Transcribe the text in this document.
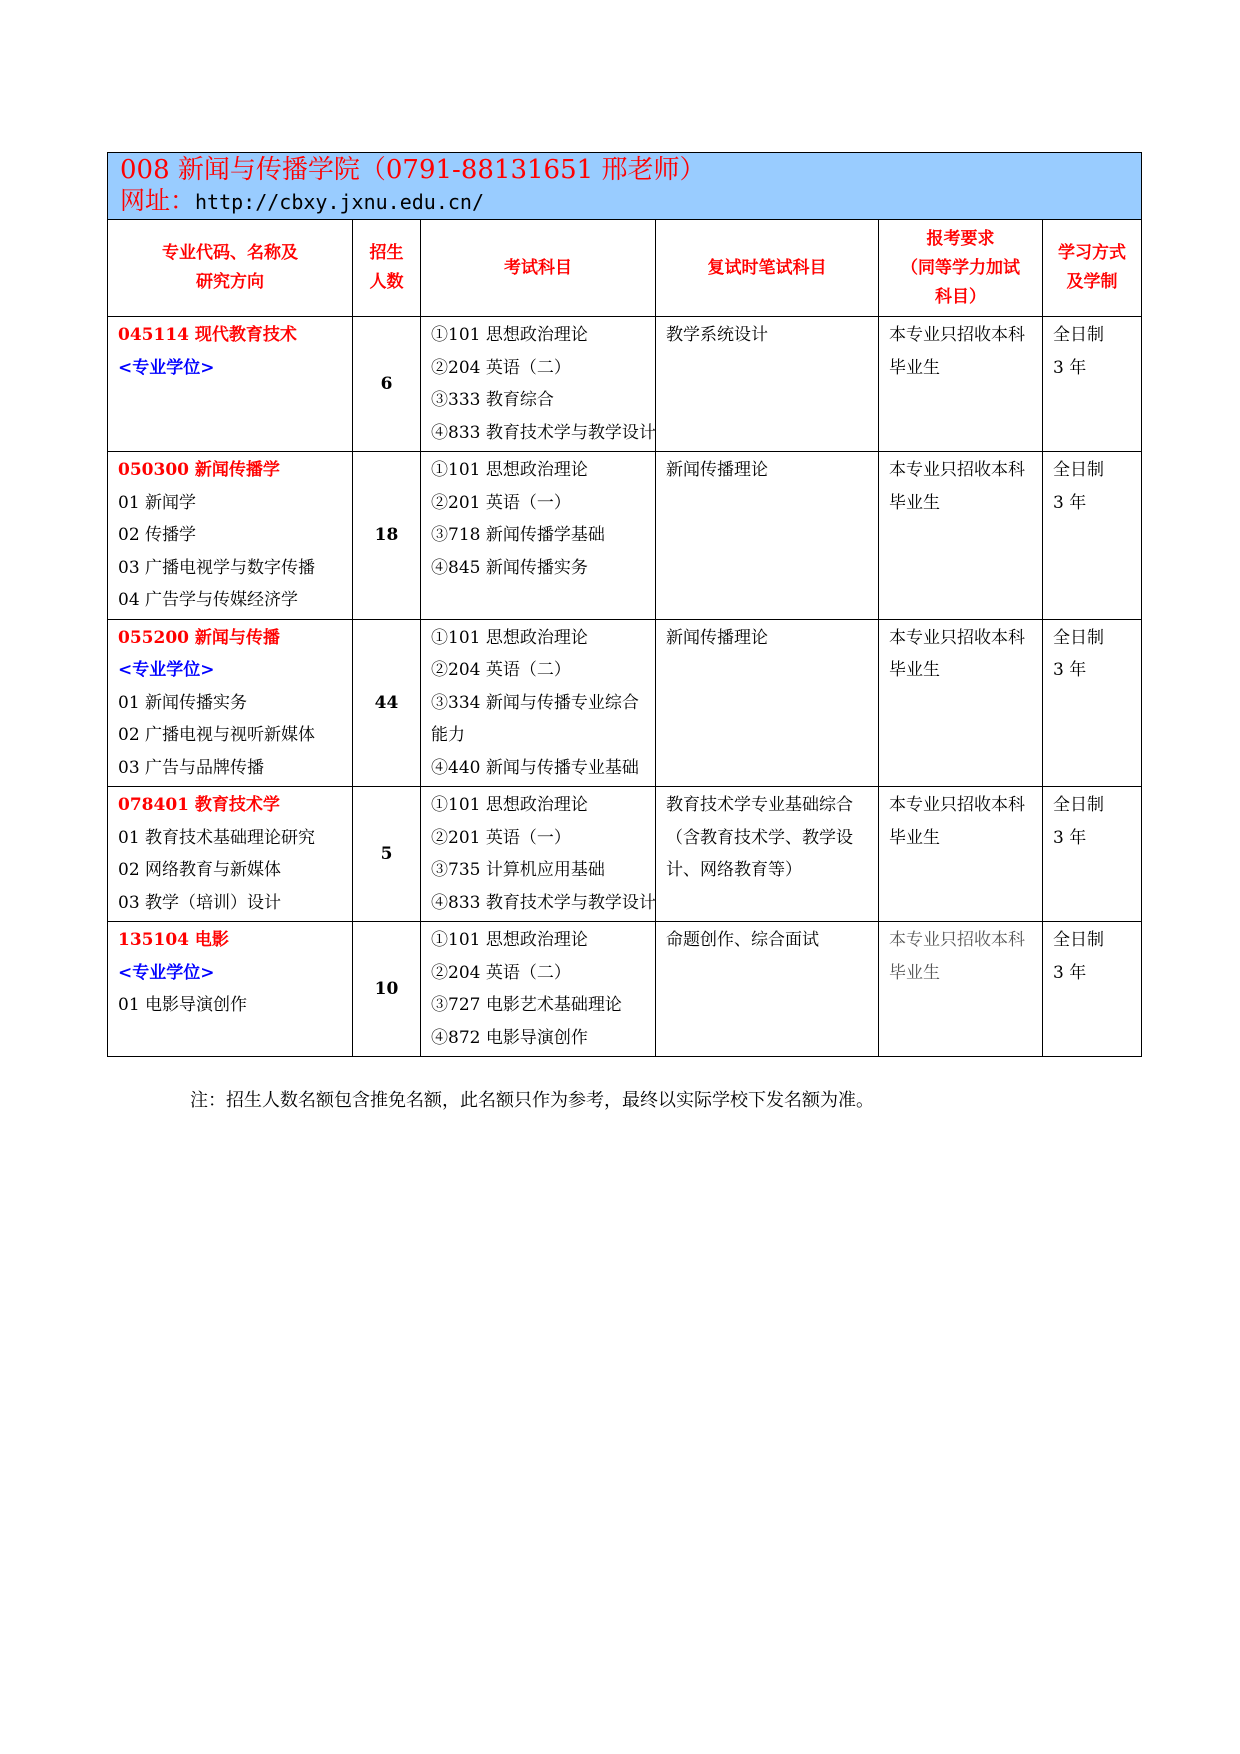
008 新闻与传播学院（0791-88131651 邢老师）
网址：http://cbxy.jxnu.edu.cn/					

专业代码、名称及
研究方向	招生
人数	考试科目	复试时笔试科目	报考要求
（同等学力加试
科目）	学习方式
及学制

045114 现代教育技术
<专业学位>	6	①101 思想政治理论
②204 英语（二）
③333 教育综合
④833 教育技术学与教学设计	教学系统设计	本专业只招收本科毕业生	全日制
3 年

050300 新闻传播学
01 新闻学
02 传播学
03 广播电视学与数字传播
04 广告学与传媒经济学	18	①101 思想政治理论
②201 英语（一）
③718 新闻传播学基础
④845 新闻传播实务	新闻传播理论	本专业只招收本科毕业生	全日制
3 年

055200 新闻与传播
<专业学位>
01 新闻传播实务
02 广播电视与视听新媒体
03 广告与品牌传播	44	①101 思想政治理论
②204 英语（二）
③334 新闻与传播专业综合能力
④440 新闻与传播专业基础	新闻传播理论	本专业只招收本科毕业生	全日制
3 年

078401 教育技术学
01 教育技术基础理论研究
02 网络教育与新媒体
03 教学（培训）设计	5	①101 思想政治理论
②201 英语（一）
③735 计算机应用基础
④833 教育技术学与教学设计	教育技术学专业基础综合（含教育技术学、教学设计、网络教育等）	本专业只招收本科毕业生	全日制
3 年

135104 电影
<专业学位>
01 电影导演创作	10	①101 思想政治理论
②204 英语（二）
③727 电影艺术基础理论
④872 电影导演创作	命题创作、综合面试	本专业只招收本科毕业生	全日制
3 年
注：招生人数名额包含推免名额，此名额只作为参考，最终以实际学校下发名额为准。
